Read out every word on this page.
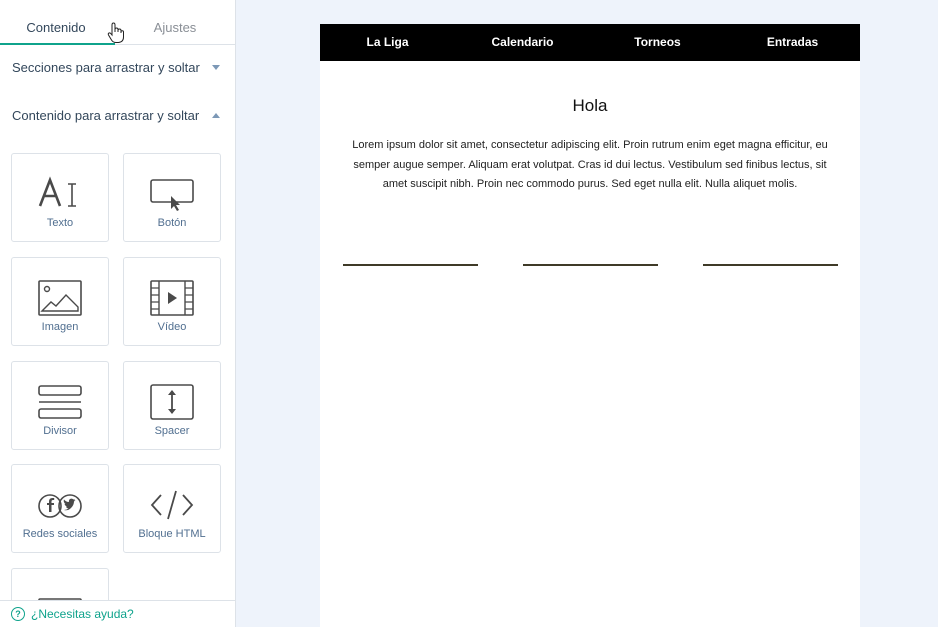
Contenido	Ajustes
Secciones para arrastrar y soltar
Contenido para arrastrar y soltar
Texto	Botón
Imagen	Vídeo
Divisor	Spacer
Redes sociales	Bloque HTML
? ¿Necesitas ayuda?
La Liga	Calendario	Torneos	Entradas
Hola
Lorem ipsum dolor sit amet, consectetur adipiscing elit. Proin rutrum enim eget magna efficitur, eu semper augue semper. Aliquam erat volutpat. Cras id dui lectus. Vestibulum sed finibus lectus, sit amet suscipit nibh. Proin nec commodo purus. Sed eget nulla elit. Nulla aliquet molis.
